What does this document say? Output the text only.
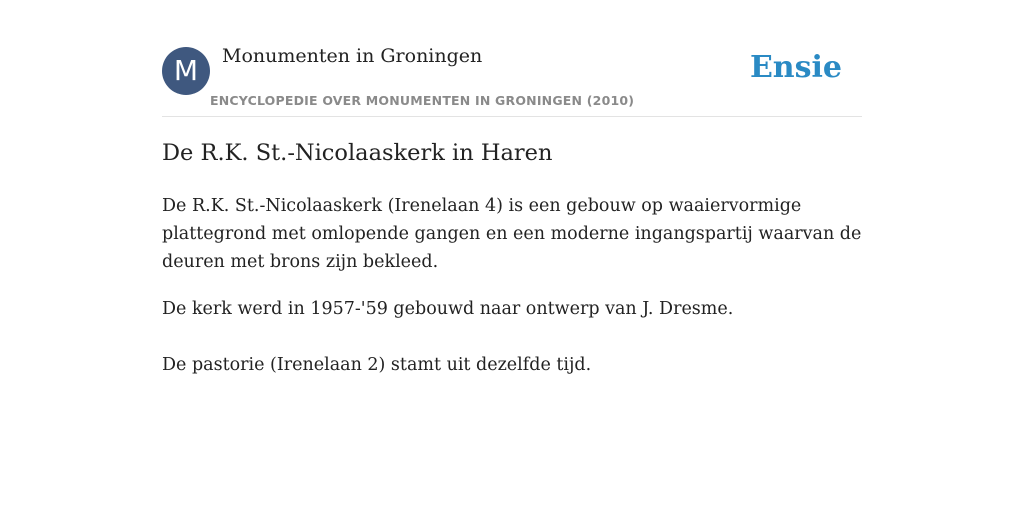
M	Monumenten in Groningen
ENCYCLOPEDIE OVER MONUMENTEN IN GRONINGEN (2010)
Ensie
De R.K. St.-Nicolaaskerk in Haren

De R.K. St.-Nicolaaskerk (Irenelaan 4) is een gebouw op waaiervormige
plattegrond met omlopende gangen en een moderne ingangspartij waarvan de
deuren met brons zijn bekleed.

De kerk werd in 1957-'59 gebouwd naar ontwerp van J. Dresme.

De pastorie (Irenelaan 2) stamt uit dezelfde tijd.
